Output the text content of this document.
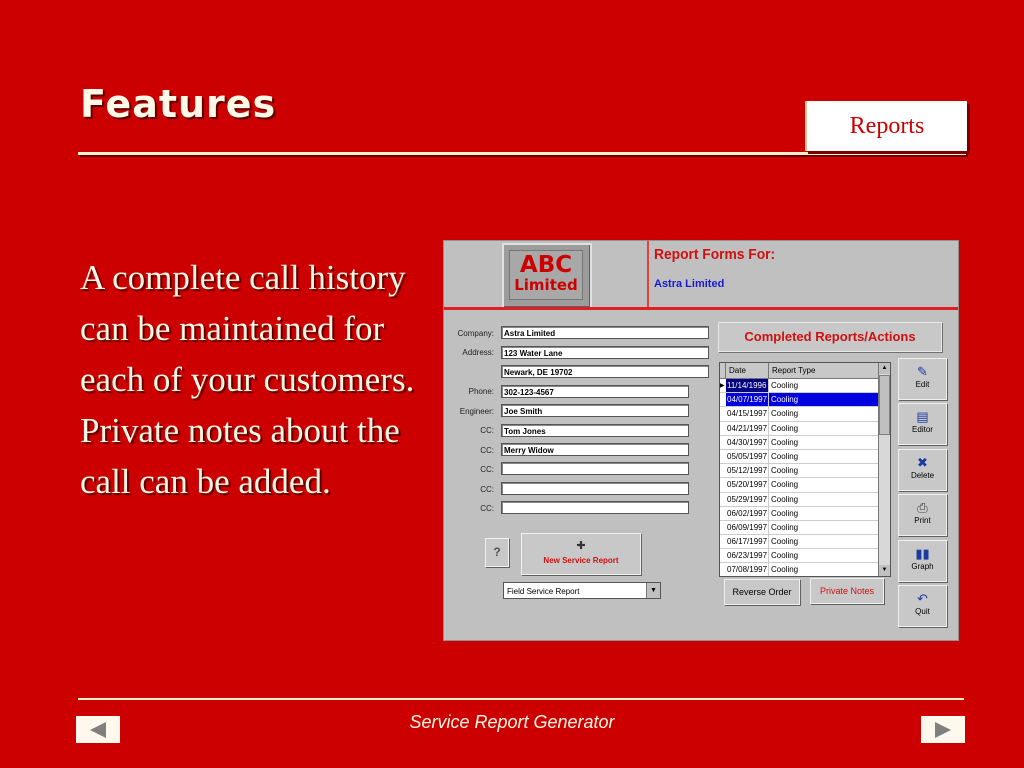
Features	Reports
A complete call history can be maintained for each of your customers. Private notes about the call can be added.
ABC
Limited
Report Forms For:
Astra Limited
Company:	Astra Limited
Address:	123 Water Lane
Newark, DE 19702
Phone:	302-123-4567
Engineer:	Joe Smith
CC:	Tom Jones
CC:	Merry Widow
CC:
CC:
CC:
?	✚
New Service Report
Field Service Report	▼
Completed Reports/Actions
Date	Report Type
▶ 11/14/1996 Cooling
04/07/1997 Cooling
04/15/1997 Cooling
04/21/1997 Cooling
04/30/1997 Cooling
05/05/1997 Cooling
05/12/1997 Cooling
05/20/1997 Cooling
05/29/1997 Cooling
06/02/1997 Cooling
06/09/1997 Cooling
06/17/1997 Cooling
06/23/1997 Cooling
07/08/1997 Cooling
▲
▼
Reverse Order	Private Notes
✎
Edit
▤
Editor
✖
Delete
⎙
Print
▮▮
Graph
↶
Quit
Service Report Generator
